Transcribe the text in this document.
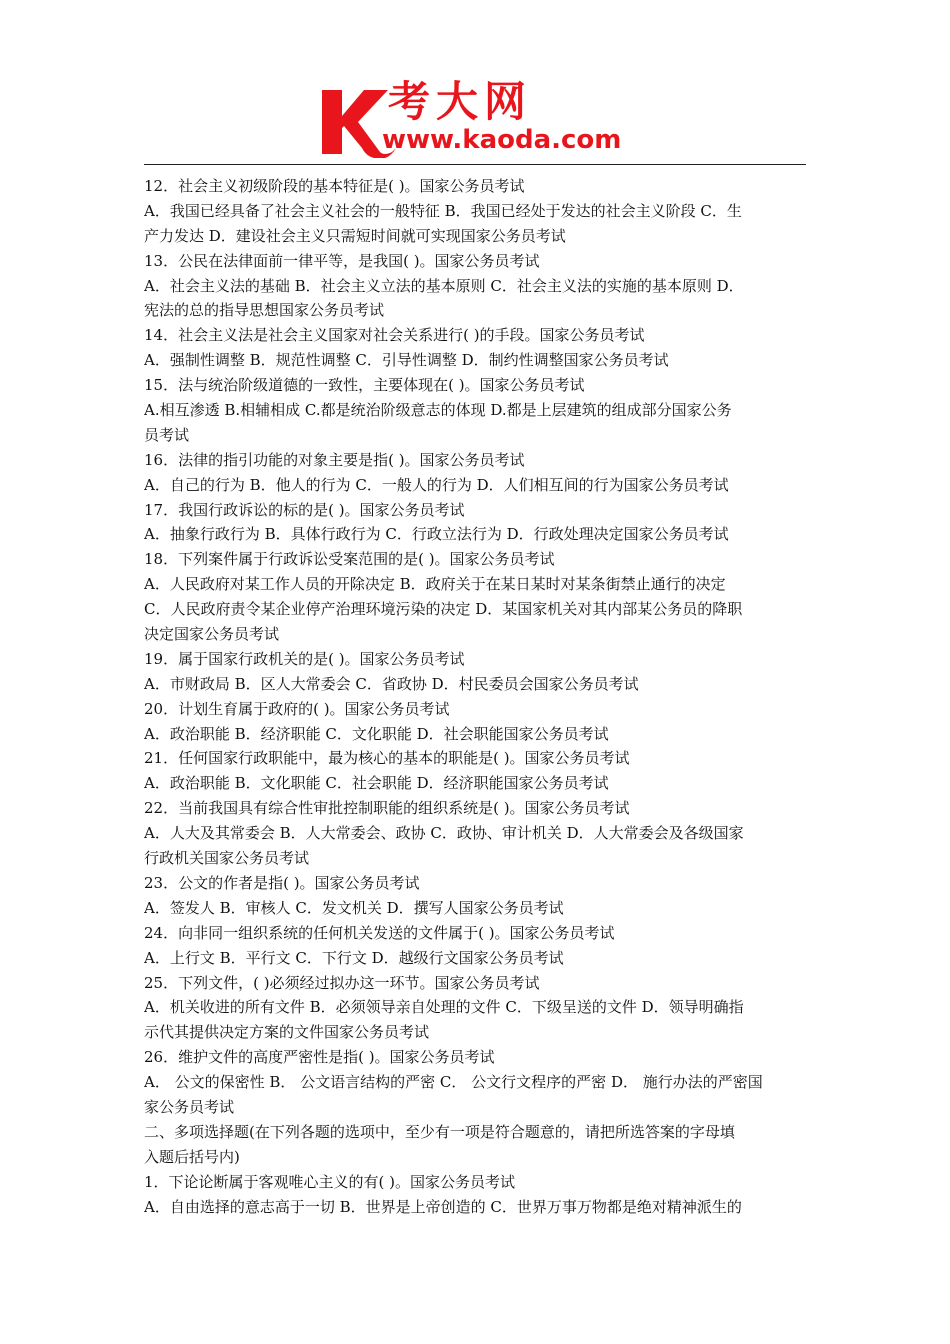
考大网
www.kaoda.com
12．社会主义初级阶段的基本特征是( )。国家公务员考试
A．我国已经具备了社会主义社会的一般特征 B．我国已经处于发达的社会主义阶段 C．生
产力发达 D．建设社会主义只需短时间就可实现国家公务员考试
13．公民在法律面前一律平等，是我国( )。国家公务员考试
A．社会主义法的基础 B．社会主义立法的基本原则 C．社会主义法的实施的基本原则 D．
宪法的总的指导思想国家公务员考试
14．社会主义法是社会主义国家对社会关系进行( )的手段。国家公务员考试
A．强制性调整 B．规范性调整 C．引导性调整 D．制约性调整国家公务员考试
15．法与统治阶级道德的一致性，主要体现在( )。国家公务员考试
A.相互渗透 B.相辅相成 C.都是统治阶级意志的体现 D.都是上层建筑的组成部分国家公务
员考试
16．法律的指引功能的对象主要是指( )。国家公务员考试
A．自己的行为 B．他人的行为 C．一般人的行为 D．人们相互间的行为国家公务员考试
17．我国行政诉讼的标的是( )。国家公务员考试
A．抽象行政行为 B．具体行政行为 C．行政立法行为 D．行政处理决定国家公务员考试
18．下列案件属于行政诉讼受案范围的是( )。国家公务员考试
A．人民政府对某工作人员的开除决定 B．政府关于在某日某时对某条街禁止通行的决定
C．人民政府责令某企业停产治理环境污染的决定 D．某国家机关对其内部某公务员的降职
决定国家公务员考试
19．属于国家行政机关的是( )。国家公务员考试
A．市财政局 B．区人大常委会 C．省政协 D．村民委员会国家公务员考试
20．计划生育属于政府的( )。国家公务员考试
A．政治职能 B．经济职能 C．文化职能 D．社会职能国家公务员考试
21．任何国家行政职能中，最为核心的基本的职能是( )。国家公务员考试
A．政治职能 B．文化职能 C．社会职能 D．经济职能国家公务员考试
22．当前我国具有综合性审批控制职能的组织系统是( )。国家公务员考试
A．人大及其常委会 B．人大常委会、政协 C．政协、审计机关 D．人大常委会及各级国家
行政机关国家公务员考试
23．公文的作者是指( )。国家公务员考试
A．签发人 B．审核人 C．发文机关 D．撰写人国家公务员考试
24．向非同一组织系统的任何机关发送的文件属于( )。国家公务员考试
A．上行文 B．平行文 C．下行文 D．越级行文国家公务员考试
25．下列文件，( )必须经过拟办这一环节。国家公务员考试
A．机关收进的所有文件 B．必须领导亲自处理的文件 C．下级呈送的文件 D．领导明确指
示代其提供决定方案的文件国家公务员考试
26．维护文件的高度严密性是指( )。国家公务员考试
A． 公文的保密性 B． 公文语言结构的严密 C． 公文行文程序的严密 D． 施行办法的严密国
家公务员考试
二、多项选择题(在下列各题的选项中，至少有一项是符合题意的，请把所选答案的字母填
入题后括号内)
1．下论论断属于客观唯心主义的有( )。国家公务员考试
A．自由选择的意志高于一切 B．世界是上帝创造的 C．世界万事万物都是绝对精神派生的
